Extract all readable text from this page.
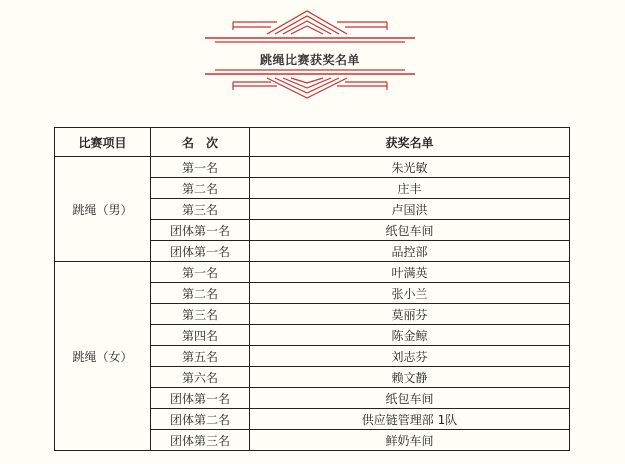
跳绳比赛获奖名单
比赛项目	名　次	获奖名单
跳绳（男）	第一名	朱光敏
	第二名	庄丰
	第三名	卢国洪
	团体第一名	纸包车间
	团体第一名	品控部
跳绳（女）	第一名	叶满英
	第二名	张小兰
	第三名	莫丽芬
	第四名	陈金鲸
	第五名	刘志芬
	第六名	赖文静
	团体第一名	纸包车间
	团体第二名	供应链管理部 1队
	团体第三名	鲜奶车间
